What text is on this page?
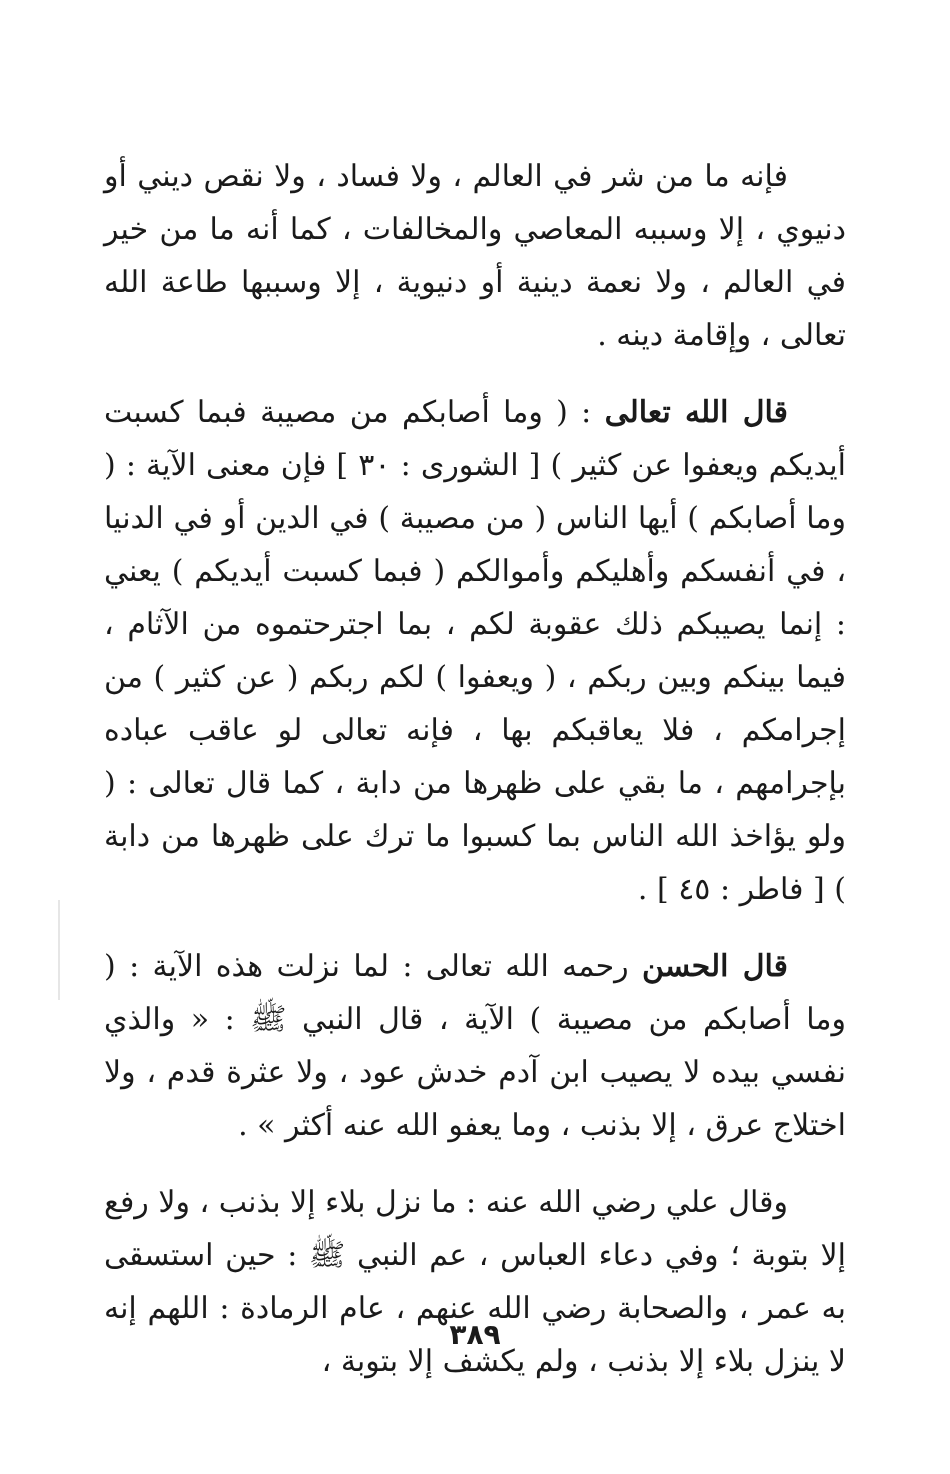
فإنه ما من شر في العالم ، ولا فساد ، ولا نقص ديني أو دنيوي ، إلا وسببه المعاصي والمخالفات ، كما أنه ما من خير في العالم ، ولا نعمة دينية أو دنيوية ، إلا وسببها طاعة الله تعالى ، وإقامة دينه .

قال الله تعالى : ( وما أصابكم من مصيبة فبما كسبت أيديكم ويعفوا عن كثير ) [ الشورى : ٣٠ ] فإن معنى الآية : ( وما أصابكم ) أيها الناس ( من مصيبة ) في الدين أو في الدنيا ، في أنفسكم وأهليكم وأموالكم ( فبما كسبت أيديكم ) يعني : إنما يصيبكم ذلك عقوبة لكم ، بما اجترحتموه من الآثام ، فيما بينكم وبين ربكم ، ( ويعفوا ) لكم ربكم ( عن كثير ) من إجرامكم ، فلا يعاقبكم بها ، فإنه تعالى لو عاقب عباده بإجرامهم ، ما بقي على ظهرها من دابة ، كما قال تعالى : ( ولو يؤاخذ الله الناس بما كسبوا ما ترك على ظهرها من دابة ) [ فاطر : ٤٥ ] .

قال الحسن رحمه الله تعالى : لما نزلت هذه الآية : ( وما أصابكم من مصيبة ) الآية ، قال النبي ﷺ : « والذي نفسي بيده لا يصيب ابن آدم خدش عود ، ولا عثرة قدم ، ولا اختلاج عرق ، إلا بذنب ، وما يعفو الله عنه أكثر » .

وقال علي رضي الله عنه : ما نزل بلاء إلا بذنب ، ولا رفع إلا بتوبة ؛ وفي دعاء العباس ، عم النبي ﷺ : حين استسقى به عمر ، والصحابة رضي الله عنهم ، عام الرمادة : اللهم إنه لا ينزل بلاء إلا بذنب ، ولم يكشف إلا بتوبة ،

٣٨٩
